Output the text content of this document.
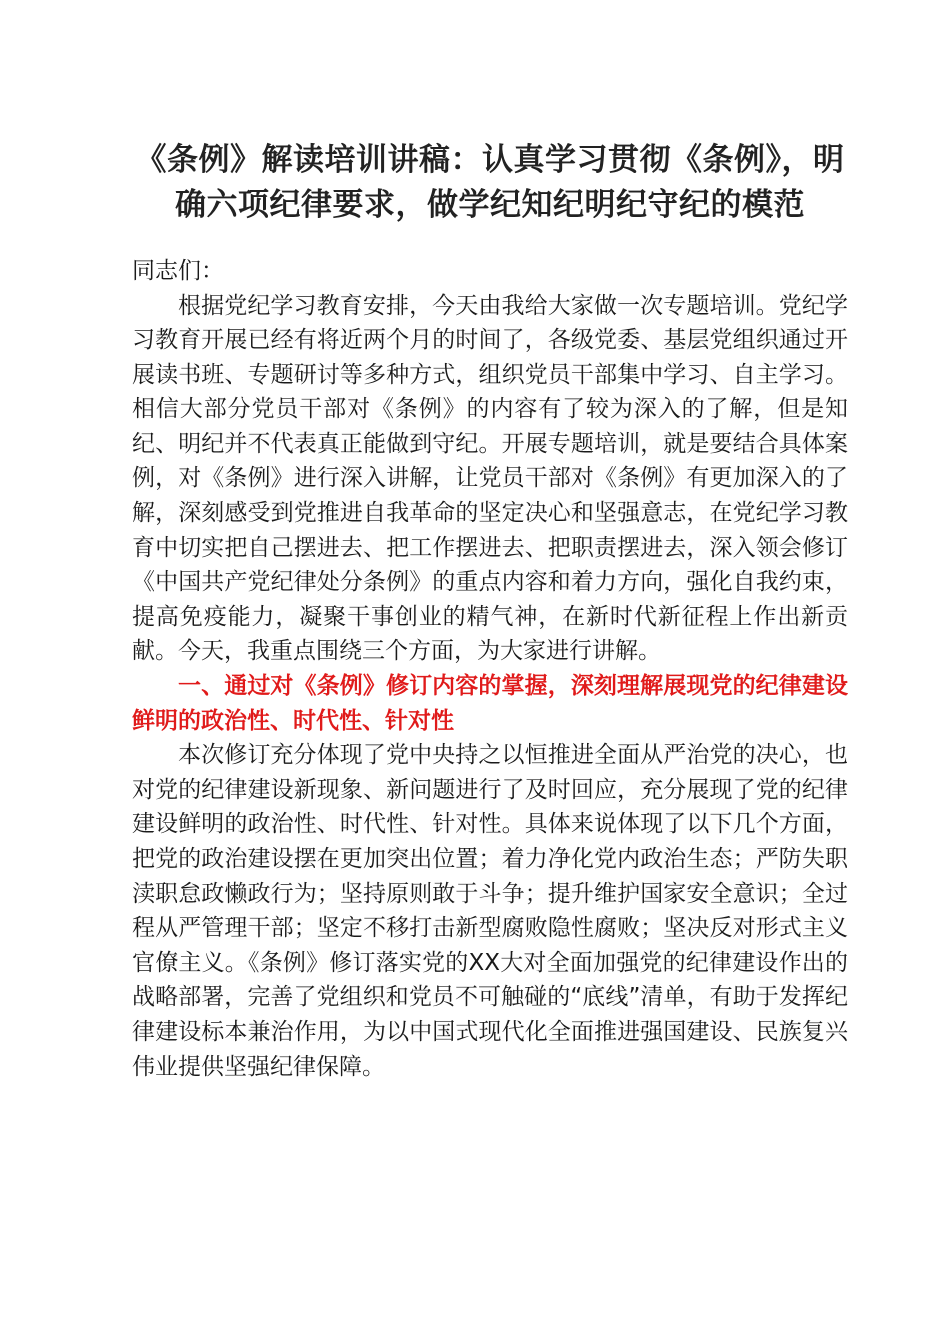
《条例》解读培训讲稿：认真学习贯彻《条例》，明确六项纪律要求，做学纪知纪明纪守纪的模范
同志们：

根据党纪学习教育安排，今天由我给大家做一次专题培训。党纪学习教育开展已经有将近两个月的时间了，各级党委、基层党组织通过开展读书班、专题研讨等多种方式，组织党员干部集中学习、自主学习。相信大部分党员干部对《条例》的内容有了较为深入的了解，但是知纪、明纪并不代表真正能做到守纪。开展专题培训，就是要结合具体案例，对《条例》进行深入讲解，让党员干部对《条例》有更加深入的了解，深刻感受到党推进自我革命的坚定决心和坚强意志，在党纪学习教育中切实把自己摆进去、把工作摆进去、把职责摆进去，深入领会修订《中国共产党纪律处分条例》的重点内容和着力方向，强化自我约束，提高免疫能力，凝聚干事创业的精气神，在新时代新征程上作出新贡献。今天，我重点围绕三个方面，为大家进行讲解。

一、通过对《条例》修订内容的掌握，深刻理解展现党的纪律建设鲜明的政治性、时代性、针对性

本次修订充分体现了党中央持之以恒推进全面从严治党的决心，也对党的纪律建设新现象、新问题进行了及时回应，充分展现了党的纪律建设鲜明的政治性、时代性、针对性。具体来说体现了以下几个方面，把党的政治建设摆在更加突出位置；着力净化党内政治生态；严防失职渎职怠政懒政行为；坚持原则敢于斗争；提升维护国家安全意识；全过程从严管理干部；坚定不移打击新型腐败隐性腐败；坚决反对形式主义官僚主义。《条例》修订落实党的XX大对全面加强党的纪律建设作出的战略部署，完善了党组织和党员不可触碰的“底线”清单，有助于发挥纪律建设标本兼治作用，为以中国式现代化全面推进强国建设、民族复兴伟业提供坚强纪律保障。
